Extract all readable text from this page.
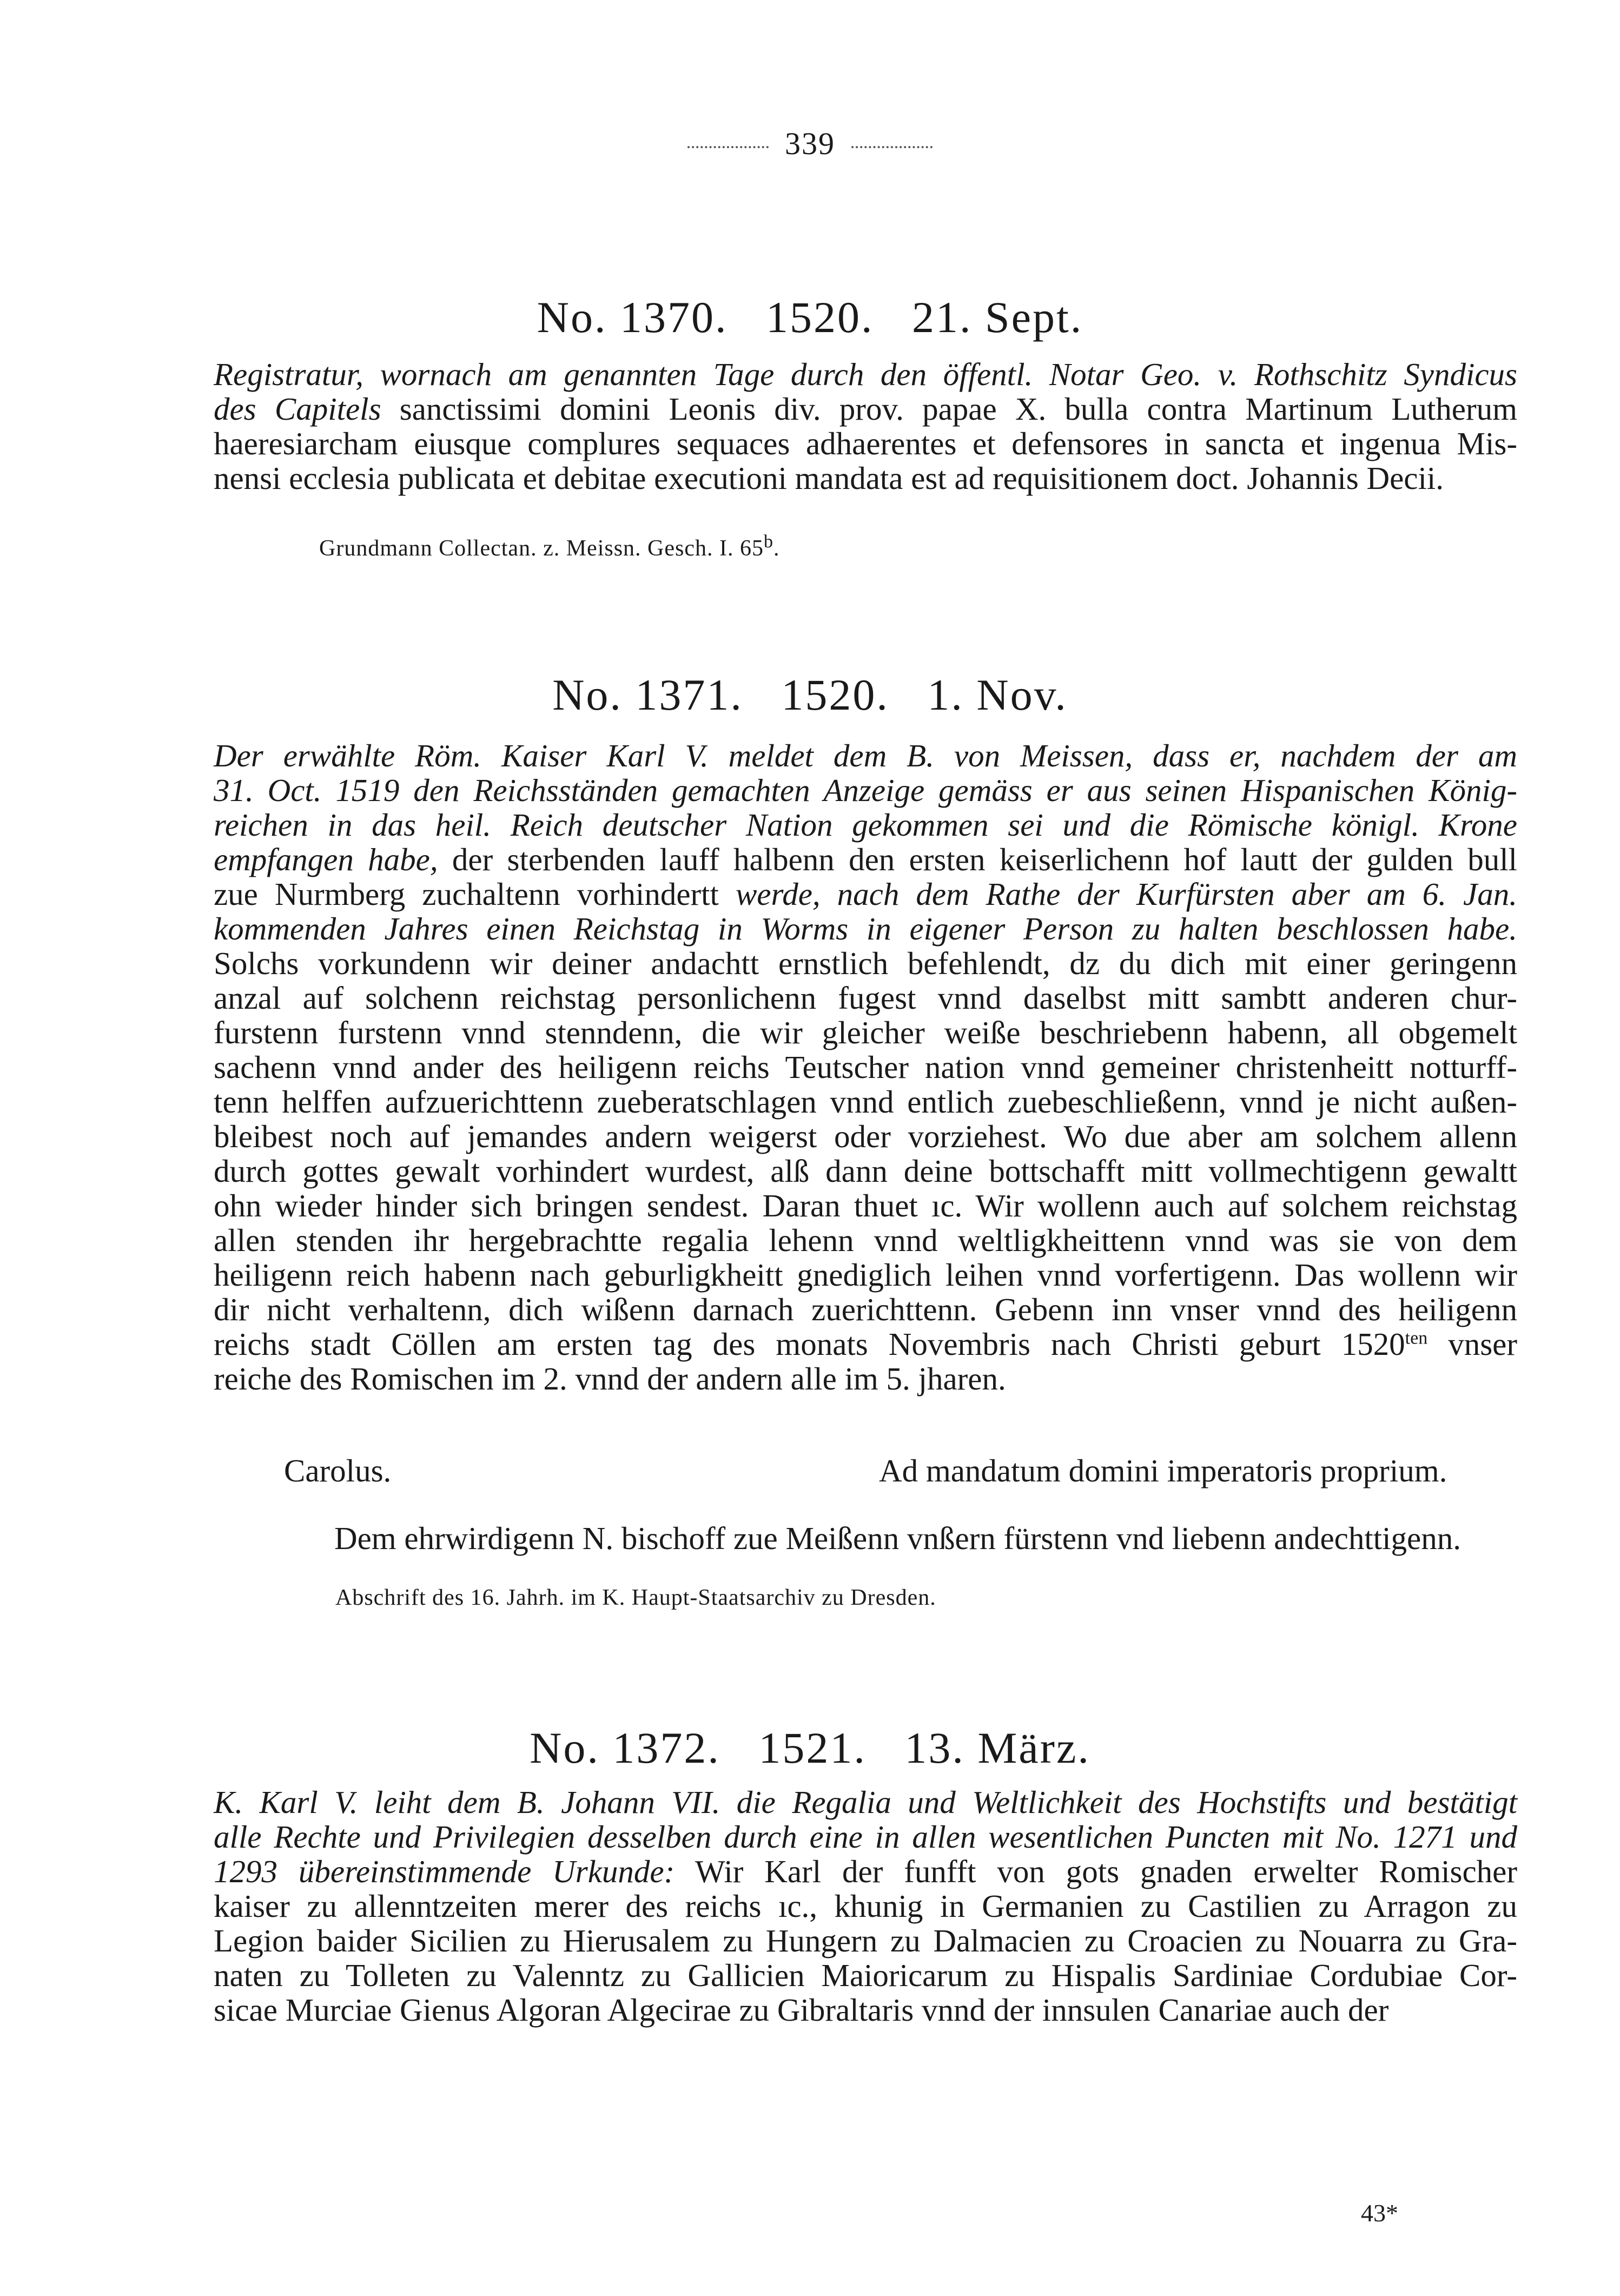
339
No. 1370.   1520.   21. Sept.
Registratur, wornach am genannten Tage durch den öffentl. Notar Geo. v. Rothschitz Syndicus
des Capitels sanctissimi domini Leonis div. prov. papae X. bulla contra Martinum Lutherum
haeresiarcham eiusque complures sequaces adhaerentes et defensores in sancta et ingenua Mis-
nensi ecclesia publicata et debitae executioni mandata est ad requisitionem doct. Johannis Decii.
Grundmann Collectan. z. Meissn. Gesch. I. 65$^b$.
No. 1371.   1520.   1. Nov.
Der erwählte Röm. Kaiser Karl V. meldet dem B. von Meissen, dass er, nachdem der am
31. Oct. 1519 den Reichsständen gemachten Anzeige gemäss er aus seinen Hispanischen König-
reichen in das heil. Reich deutscher Nation gekommen sei und die Römische königl. Krone
empfangen habe, der sterbenden lauff halbenn den ersten keiserlichenn hof lautt der gulden bull
zue Nurmberg zuchaltenn vorhindertt werde, nach dem Rathe der Kurfürsten aber am 6. Jan.
kommenden Jahres einen Reichstag in Worms in eigener Person zu halten beschlossen habe.
Solchs vorkundenn wir deiner andachtt ernstlich befehlendt, dz du dich mit einer geringenn
anzal auf solchenn reichstag personlichenn fugest vnnd daselbst mitt sambtt anderen chur-
furstenn furstenn vnnd stenndenn, die wir gleicher weiße beschriebenn habenn, all obgemelt
sachenn vnnd ander des heiligenn reichs Teutscher nation vnnd gemeiner christenheitt notturff-
tenn helffen aufzuerichttenn zueberatschlagen vnnd entlich zuebeschließenn, vnnd je nicht außen-
bleibest noch auf jemandes andern weigerst oder vorziehest. Wo due aber am solchem allenn
durch gottes gewalt vorhindert wurdest, alß dann deine bottschafft mitt vollmechtigenn gewaltt
ohn wieder hinder sich bringen sendest. Daran thuet ıc. Wir wollenn auch auf solchem reichstag
allen stenden ihr hergebrachtte regalia lehenn vnnd weltligkheittenn vnnd was sie von dem
heiligenn reich habenn nach geburligkheitt gnediglich leihen vnnd vorfertigenn. Das wollenn wir
dir nicht verhaltenn, dich wißenn darnach zuerichttenn. Gebenn inn vnser vnnd des heiligenn
reichs stadt Cöllen am ersten tag des monats Novembris nach Christi geburt $1520^{ten}$ vnser
reiche des Romischen im 2. vnnd der andern alle im 5. jharen.
Carolus.	Ad mandatum domini imperatoris proprium.
Dem ehrwirdigenn N. bischoff zue Meißenn vnßern fürstenn vnd liebenn andechttigenn.
Abschrift des 16. Jahrh. im K. Haupt-Staatsarchiv zu Dresden.
No. 1372.   1521.   13. März.
K. Karl V. leiht dem B. Johann VII. die Regalia und Weltlichkeit des Hochstifts und bestätigt
alle Rechte und Privilegien desselben durch eine in allen wesentlichen Puncten mit No. 1271 und
1293 übereinstimmende Urkunde: Wir Karl der funfft von gots gnaden erwelter Romischer
kaiser zu allenntzeiten merer des reichs ıc., khunig in Germanien zu Castilien zu Arragon zu
Legion baider Sicilien zu Hierusalem zu Hungern zu Dalmacien zu Croacien zu Nouarra zu Gra-
naten zu Tolleten zu Valenntz zu Gallicien Maioricarum zu Hispalis Sardiniae Cordubiae Cor-
sicae Murciae Gienus Algoran Algecirae zu Gibraltaris vnnd der innsulen Canariae auch der
43*
